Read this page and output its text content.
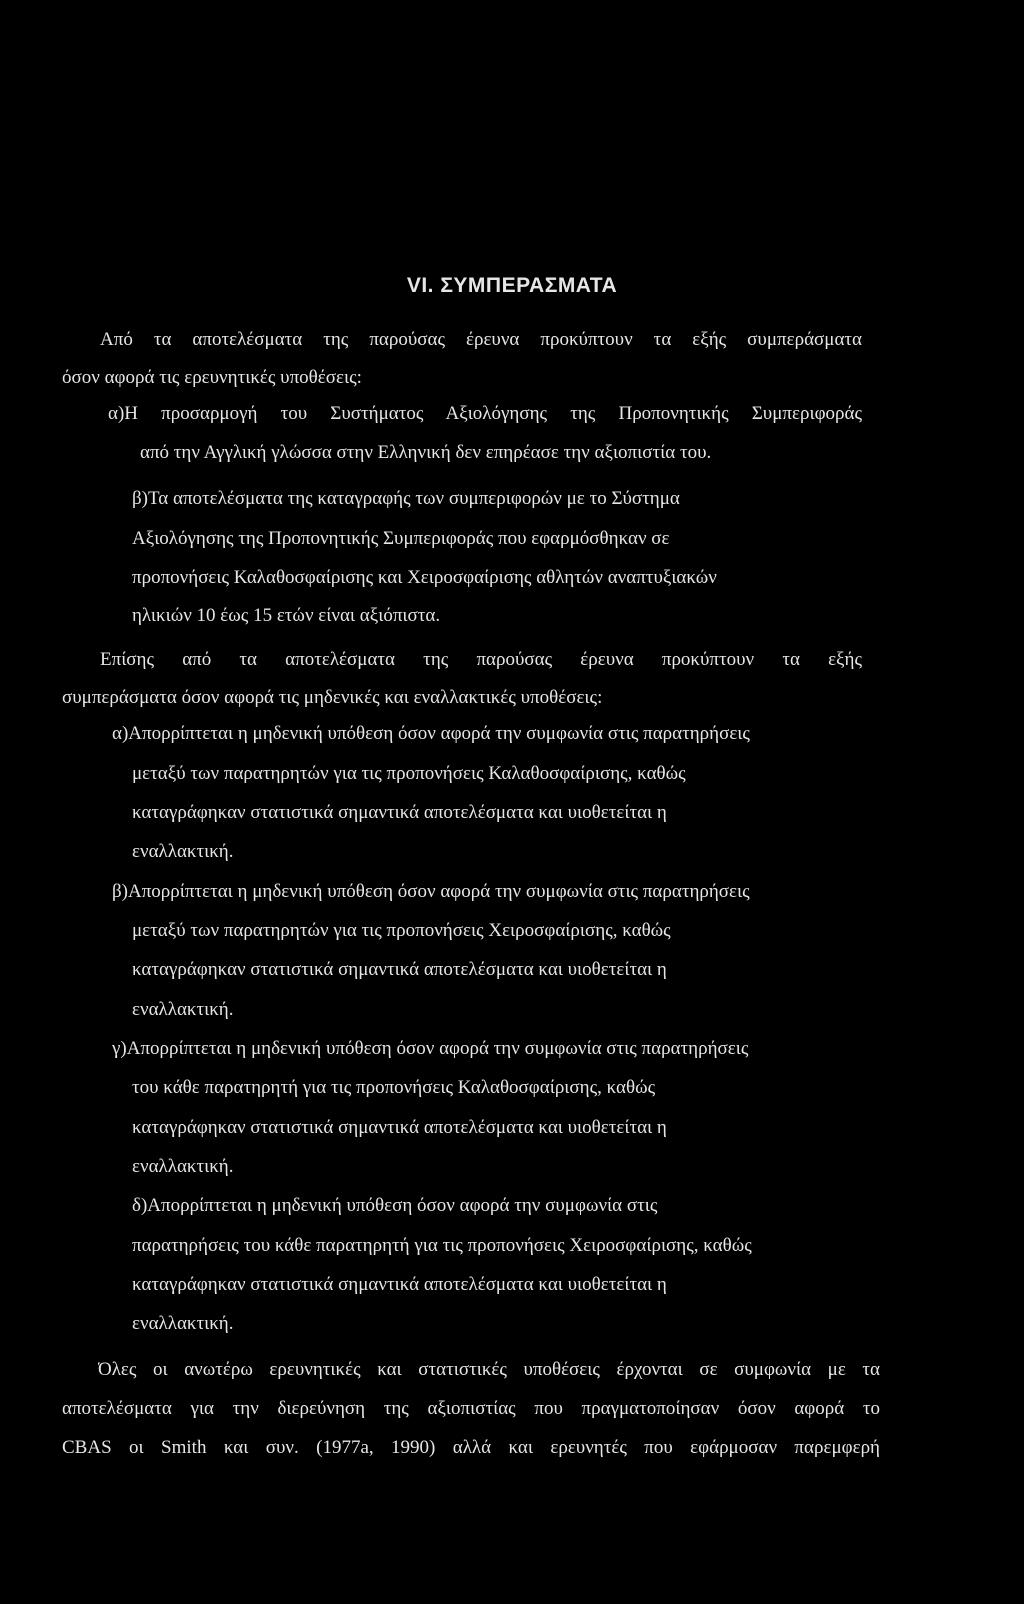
VI. ΣΥΜΠΕΡΑΣΜΑΤΑ
Από τα αποτελέσματα της παρούσας έρευνα προκύπτουν τα εξής συμπεράσματα
όσον αφορά τις ερευνητικές υποθέσεις:
α)Η προσαρμογή του Συστήματος Αξιολόγησης της Προπονητικής Συμπεριφοράς
από την Αγγλική γλώσσα στην Ελληνική δεν επηρέασε την αξιοπιστία του.
β)Τα αποτελέσματα της καταγραφής των συμπεριφορών με το Σύστημα
Αξιολόγησης της Προπονητικής Συμπεριφοράς που εφαρμόσθηκαν σε
προπονήσεις Καλαθοσφαίρισης και Χειροσφαίρισης αθλητών αναπτυξιακών
ηλικιών 10 έως 15 ετών είναι αξιόπιστα.
Επίσης από τα αποτελέσματα της παρούσας έρευνα προκύπτουν τα εξής
συμπεράσματα όσον αφορά τις μηδενικές και εναλλακτικές υποθέσεις:
α)Απορρίπτεται η μηδενική υπόθεση όσον αφορά την συμφωνία στις παρατηρήσεις
μεταξύ των παρατηρητών για τις προπονήσεις Καλαθοσφαίρισης, καθώς
καταγράφηκαν στατιστικά σημαντικά αποτελέσματα και υιοθετείται η
εναλλακτική.
β)Απορρίπτεται η μηδενική υπόθεση όσον αφορά την συμφωνία στις παρατηρήσεις
μεταξύ των παρατηρητών για τις προπονήσεις Χειροσφαίρισης, καθώς
καταγράφηκαν στατιστικά σημαντικά αποτελέσματα και υιοθετείται η
εναλλακτική.
γ)Απορρίπτεται η μηδενική υπόθεση όσον αφορά την συμφωνία στις παρατηρήσεις
του κάθε παρατηρητή για τις προπονήσεις Καλαθοσφαίρισης, καθώς
καταγράφηκαν στατιστικά σημαντικά αποτελέσματα και υιοθετείται η
εναλλακτική.
δ)Απορρίπτεται η μηδενική υπόθεση όσον αφορά την συμφωνία στις
παρατηρήσεις του κάθε παρατηρητή για τις προπονήσεις Χειροσφαίρισης, καθώς
καταγράφηκαν στατιστικά σημαντικά αποτελέσματα και υιοθετείται η
εναλλακτική.
Όλες οι ανωτέρω ερευνητικές και στατιστικές υποθέσεις έρχονται σε συμφωνία με τα
αποτελέσματα για την διερεύνηση της αξιοπιστίας που πραγματοποίησαν όσον αφορά το
CBAS οι Smith και συν. (1977a, 1990) αλλά και ερευνητές που εφάρμοσαν παρεμφερή
